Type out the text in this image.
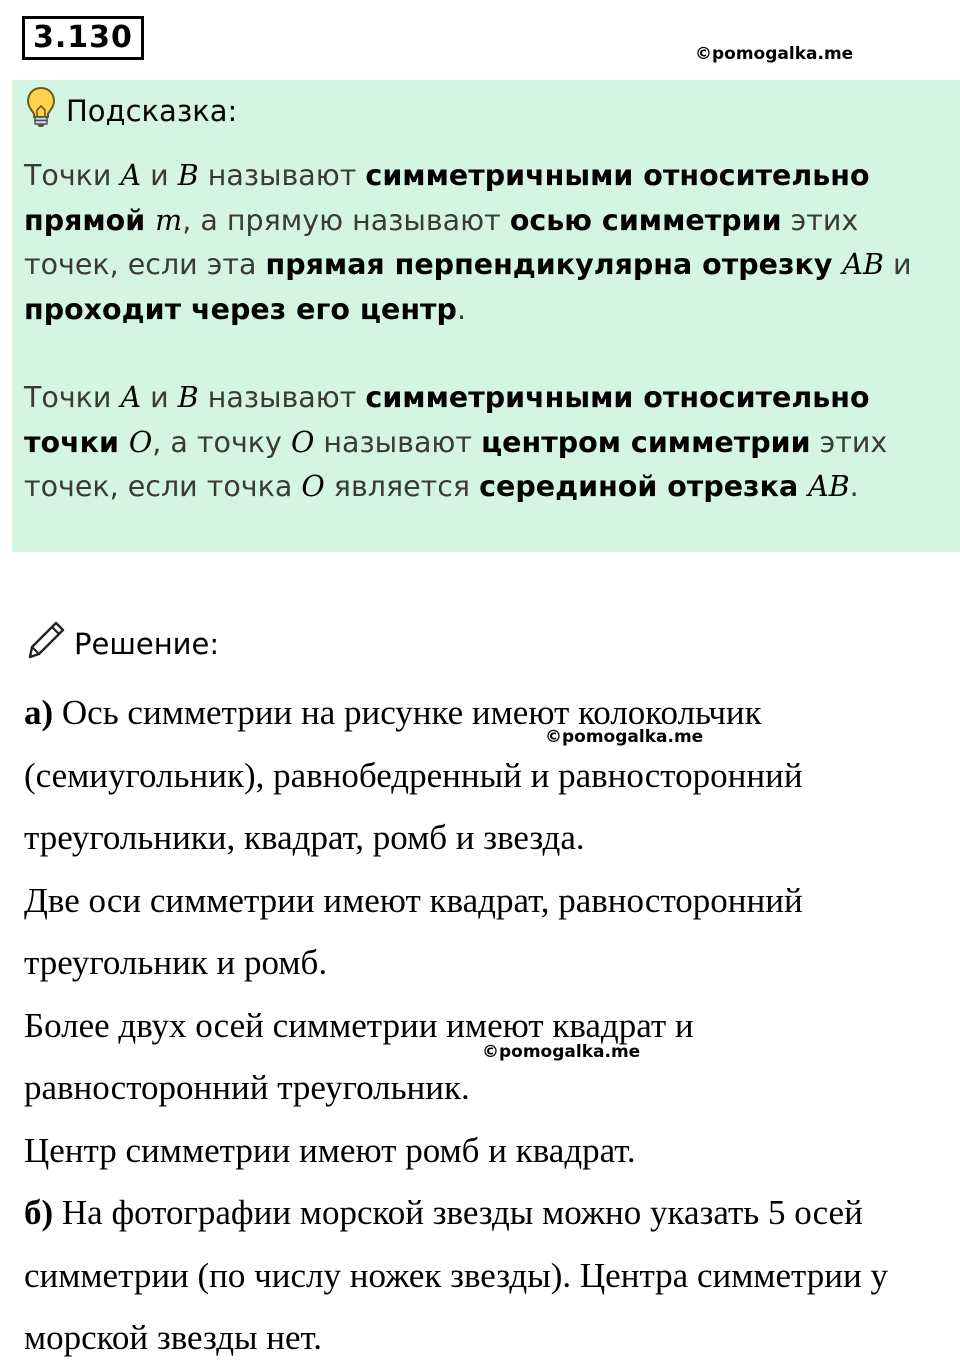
3.130	©pomogalka.me
Подсказка:
Точки A и B называют симметричными относительно прямой m, а прямую называют осью симметрии этих точек, если эта прямая перпендикулярна отрезку AB и проходит через его центр.
Точки A и B называют симметричными относительно точки O, а точку O называют центром симметрии этих точек, если точка O является серединой отрезка AB.
Решение:

а) Ось симметрии на рисунке имеют колокольчик

(семиугольник), равнобедренный и равносторонний

треугольники, квадрат, ромб и звезда.

Две оси симметрии имеют квадрат, равносторонний

треугольник и ромб.

Более двух осей симметрии имеют квадрат и

равносторонний треугольник.

Центр симметрии имеют ромб и квадрат.

б) На фотографии морской звезды можно указать 5 осей

симметрии (по числу ножек звезды). Центра симметрии у

морской звезды нет.

©pomogalka.me
©pomogalka.me
